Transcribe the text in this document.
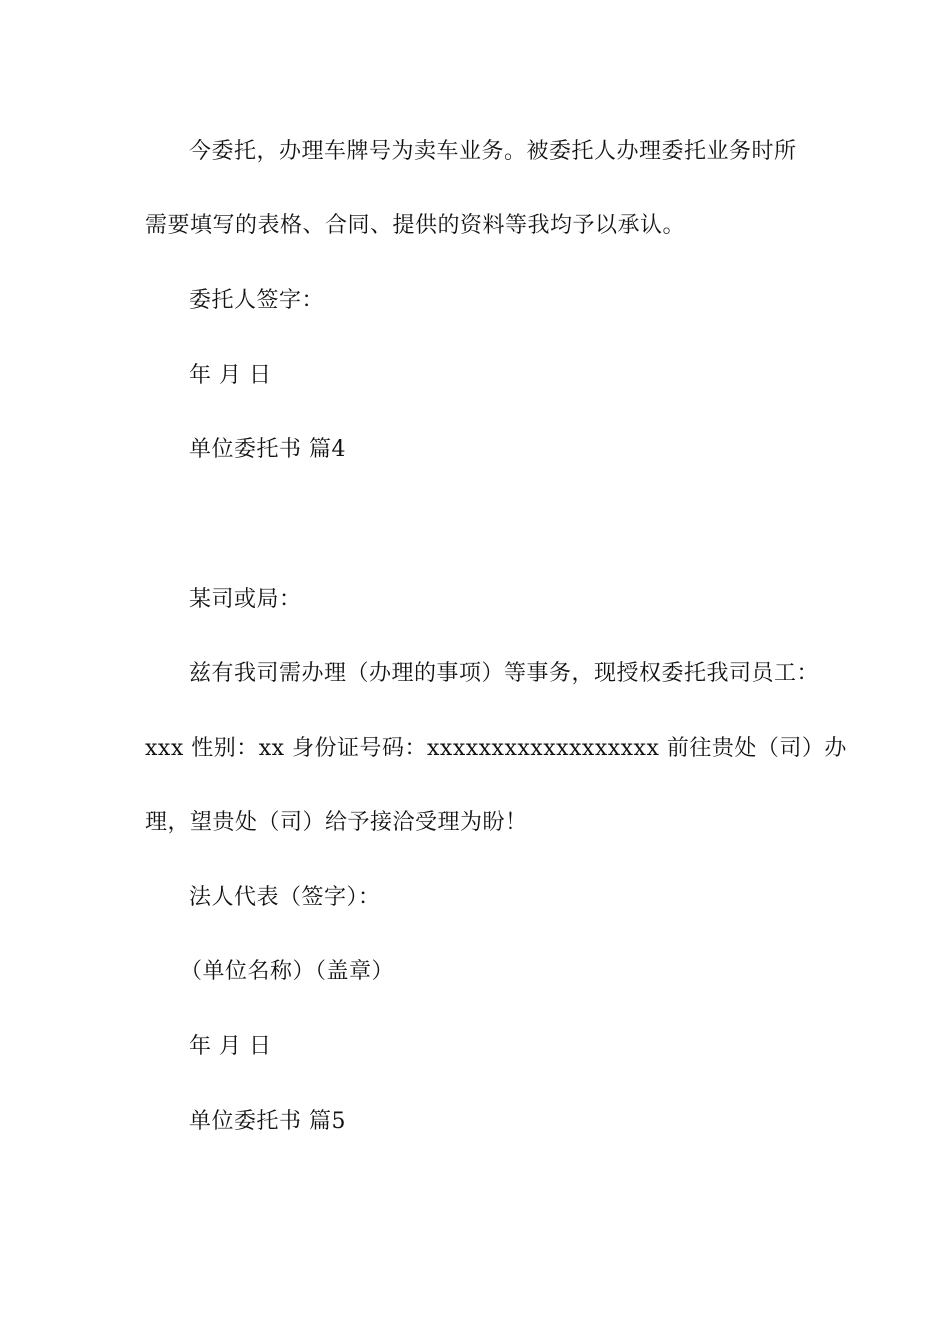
今委托，办理车牌号为卖车业务。被委托人办理委托业务时所
需要填写的表格、合同、提供的资料等我均予以承认。
委托人签字：
年 月 日
单位委托书 篇4
某司或局：
兹有我司需办理（办理的事项）等事务，现授权委托我司员工：
xxx 性别：xx 身份证号码：xxxxxxxxxxxxxxxxxx 前往贵处（司）办
理，望贵处（司）给予接洽受理为盼！
法人代表（签字）：
（单位名称）（盖章）
年 月 日
单位委托书 篇5
